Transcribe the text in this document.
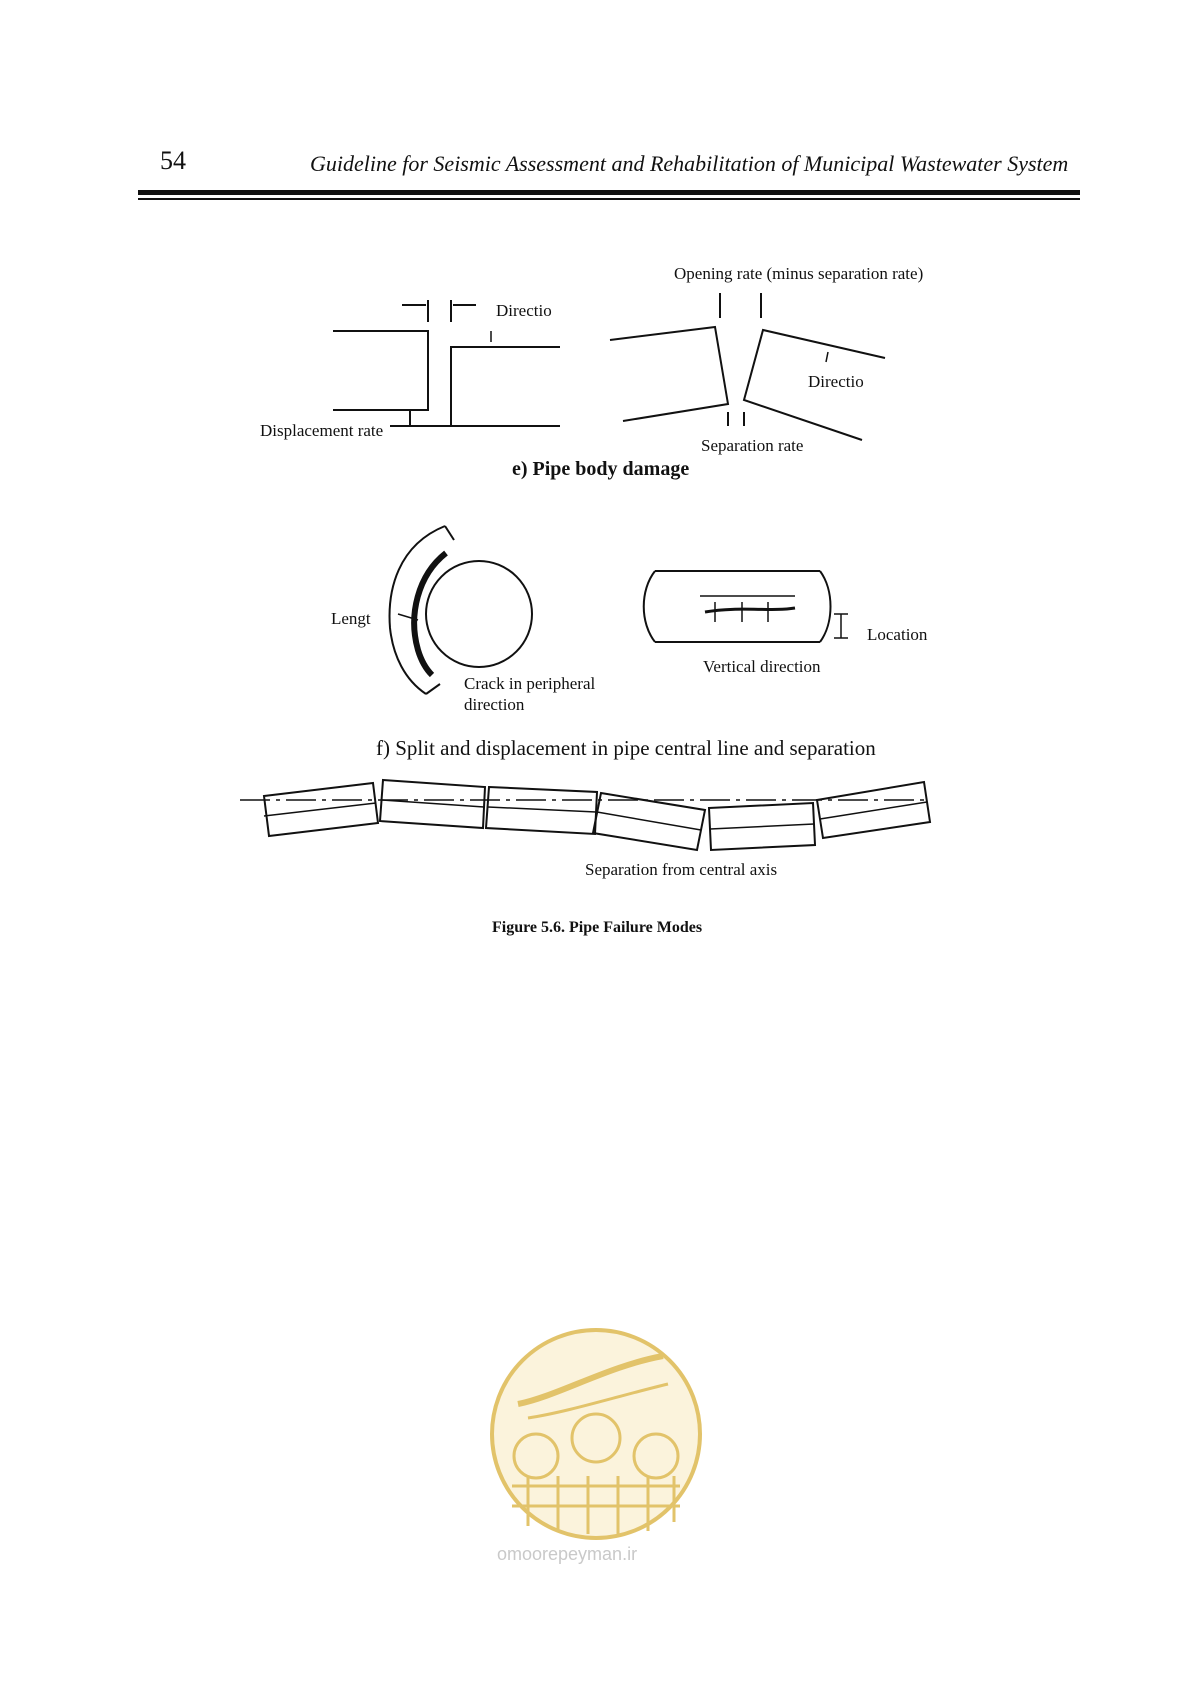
54	Guideline for Seismic Assessment and Rehabilitation of Municipal Wastewater System
Directio
Displacement rate
Opening rate (minus separation rate)
Directio
Separation rate
e) Pipe body damage
Lengt
Crack in peripheral
direction
Vertical direction
Location
f) Split and displacement in pipe central line and separation
Separation from central axis
Figure 5.6. Pipe Failure Modes
omoorepeyman.ir
